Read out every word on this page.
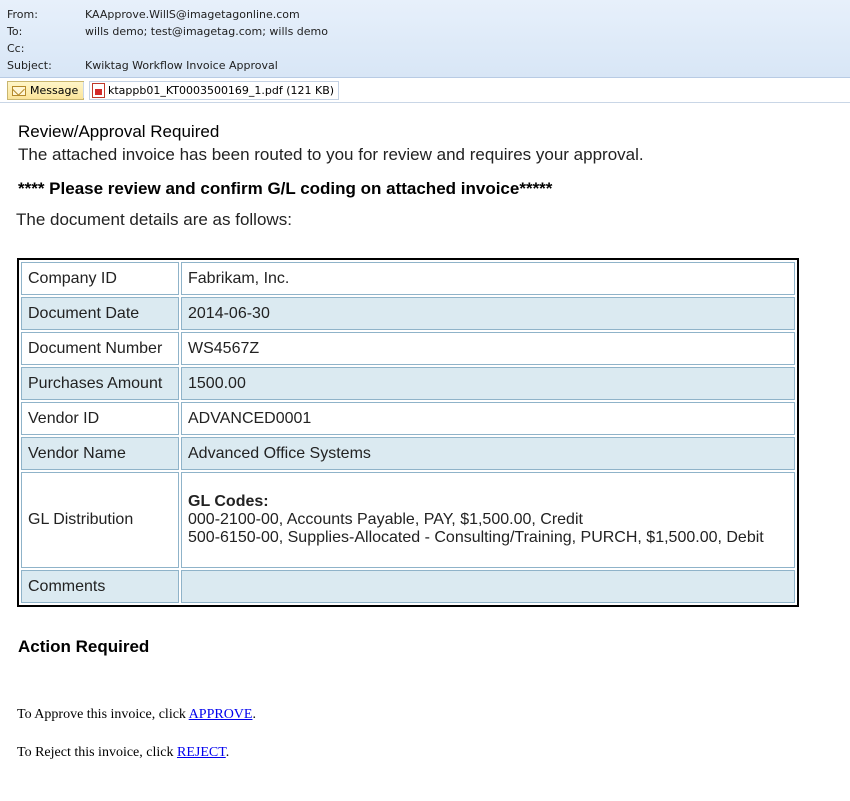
From:	KAApprove.WillS@imagetagonline.com
To:	wills demo; test@imagetag.com; wills demo
Cc:
Subject:	Kwiktag Workflow Invoice Approval
Message	ktappb01_KT0003500169_1.pdf (121 KB)
Review/Approval Required
The attached invoice has been routed to you for review and requires your approval.
**** Please review and confirm G/L coding on attached invoice*****
The document details are as follows:
Company ID	Fabrikam, Inc.
Document Date	2014-06-30
Document Number	WS4567Z
Purchases Amount	1500.00
Vendor ID	ADVANCED0001
Vendor Name	Advanced Office Systems
GL Distribution	GL Codes:
000-2100-00, Accounts Payable, PAY, $1,500.00, Credit
500-6150-00, Supplies-Allocated - Consulting/Training, PURCH, $1,500.00, Debit

Comments	
Action Required
To Approve this invoice, click APPROVE.
To Reject this invoice, click REJECT.
